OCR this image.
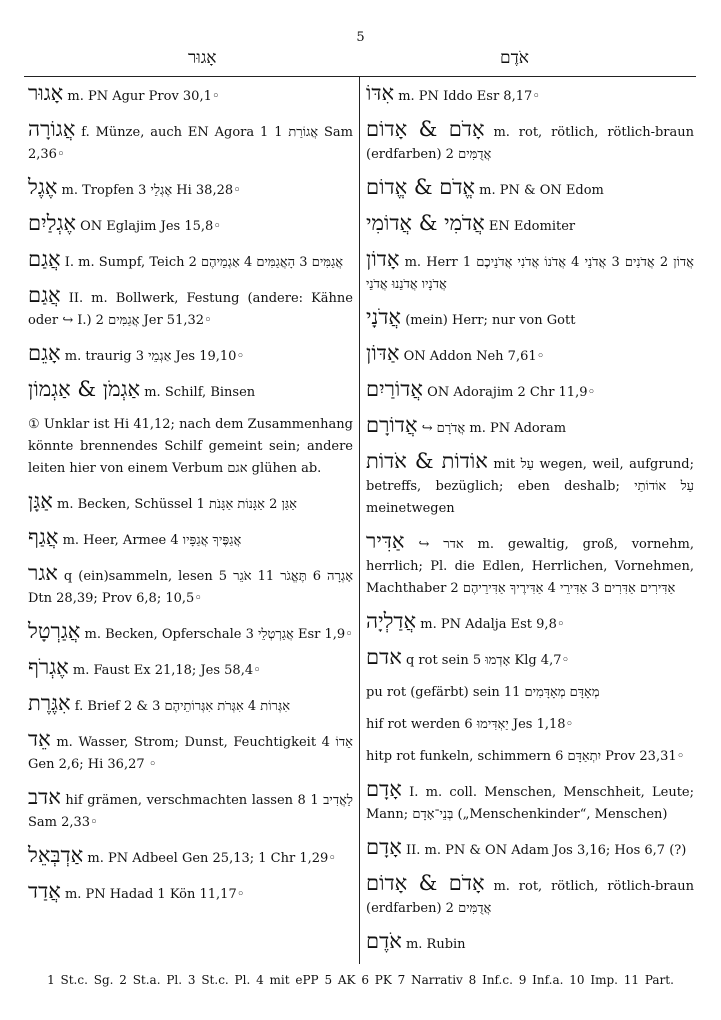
5
אָגוּר	אֹדֶם
אָגוּר m. PN Agur Prov 30,1◦
אֲגוֹרָה f. Münze, auch EN Agora 1 אֲגוֹרַת 1 Sam 2,36◦
אֶגֶל m. Tropfen 3 אֶגְלֵי Hi 38,28◦
אֶגְלַיִם ON Eglajim Jes 15,8◦
אֲגַם I. m. Sumpf, Teich 2 אֲגַמִּים 3 הָאֲגַמִּים 4 אַגְמֵיהֶם
אֲגַם II. m. Bollwerk, Festung (andere: Kähne oder ↪ I.) 2 אֲגַמִּים Jer 51,32◦
אָגֵם m. traurig 3 אַגְמֵי Jes 19,10◦
אַגְמֹן & אַגְמוֹן m. Schilf, Binsen
① Unklar ist Hi 41,12; nach dem Zusammenhang könnte brennendes Schilf gemeint sein; andere leiten hier von einem Verbum אגם glühen ab.
אַגָּן m. Becken, Schüssel 1 אַגַּן 2 אַגָּנוֹת אַגָּנֹת
אֲגַף m. Heer, Armee 4 אֲגַפֶּיךָ אֲגַפָּיו
אגר q (ein)sammeln, lesen 5 אָגְרָה 6 תֶּאֱגֹר 11 אֹגֵר Dtn 28,39; Prov 6,8; 10,5◦
אֲגַרְטָל m. Becken, Opferschale 3 אֲגַרְטְלֵי Esr 1,9◦
אֶגְרֹף m. Faust Ex 21,18; Jes 58,4◦
אִגֶּרֶת f. Brief 2 & 3 אִגְּרוֹת 4 אִגְּרֹת אִגְּרוֹתֵיהֶם
אֵד m. Wasser, Strom; Dunst, Feuchtigkeit 4 אֵדוֹ Gen 2,6; Hi 36,27 ◦
אדב hif grämen, verschmachten lassen 8 לַאֲדִיב 1 Sam 2,33◦
אַדְבְּאֵל m. PN Adbeel Gen 25,13; 1 Chr 1,29◦
אֲדַד m. PN Hadad 1 Kön 11,17◦
אִדּוֹ m. PN Iddo Esr 8,17◦
אָדֹם & אָדוֹם m. rot, rötlich, rötlich-braun (erdfarben) 2 אֲדֻמִּים
אֱדֹם & אֱדוֹם m. PN & ON Edom
אֲדֹמִי & אֲדוֹמִי EN Edomiter
אָדוֹן m. Herr 1 אֲדוֹן 2 אֲדֹנִים 3 אֲדֹנֵי 4 אֲדֹנוֹ אֲדֹנִי אֲדֹנֵיכֶם אֲדֹנָיו אֲדֹנֵנוּ אֲדֹנֵי
אֲדֹנָי (mein) Herr; nur von Gott
אַדּוֹן ON Addon Neh 7,61◦
אֲדוֹרַיִם ON Adorajim 2 Chr 11,9◦
אֲדוֹרָם ↪ אֲדֹרָם m. PN Adoram
אוֹדוֹת & אֹדוֹת mit עַל wegen, weil, aufgrund; betreffs, bezüglich; eben deshalb; עַל אוֹדוֹתַי meinetwegen
אַדִּיר ↪ אדר m. gewaltig, groß, vornehm, herrlich; Pl. die Edlen, Herrlichen, Vornehmen, Machthaber 2 אַדִּירִים אַדִּרִים 3 אַדִּירֵי 4 אַדִּירֶיךָ אַדִּירֵיהֶם
אֲדַלְיָה m. PN Adalja Est 9,8◦
אדם q rot sein 5 אָדְמוּ Klg 4,7◦
pu rot (gefärbt) sein 11 מְאָדָּם מְאָדָּמִים
hif rot werden 6 יַאְדִּימוּ Jes 1,18◦
hitp rot funkeln, schimmern 6 יִתְאַדָּם Prov 23,31◦
אָדָם I. m. coll. Menschen, Menschheit, Leute; Mann; בְּנֵי־אָדָם („Menschenkinder“, Menschen)
אָדָם II. m. PN & ON Adam Jos 3,16; Hos 6,7 (?)
אָדֹם & אָדוֹם m. rot, rötlich, rötlich-braun (erdfarben) 2 אֲדֻמִּים
אֹדֶם m. Rubin
1 St.c. Sg. 2 St.a. Pl. 3 St.c. Pl. 4 mit ePP 5 AK 6 PK 7 Narrativ 8 Inf.c. 9 Inf.a. 10 Imp. 11 Part.
